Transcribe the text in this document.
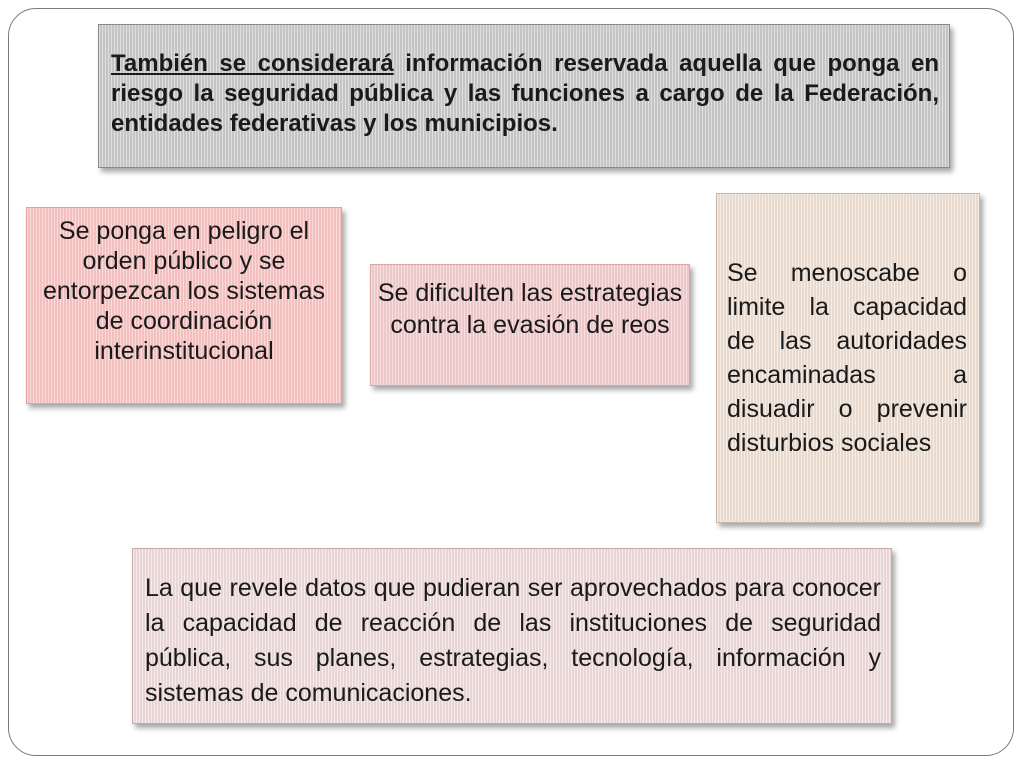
También se considerará información reservada aquella que ponga en riesgo la seguridad pública y las funciones a cargo de la Federación, entidades federativas y los municipios.
Se ponga en peligro el orden público y se entorpezcan los sistemas de coordinación interinstitucional
Se dificulten las estrategias contra la evasión de reos
Se menoscabe o limite la capacidad de las autoridades encaminadas a disuadir o prevenir disturbios sociales
La que revele datos que pudieran ser aprovechados para conocer la capacidad de reacción de las instituciones de seguridad pública, sus planes, estrategias, tecnología, información y sistemas de comunicaciones.
